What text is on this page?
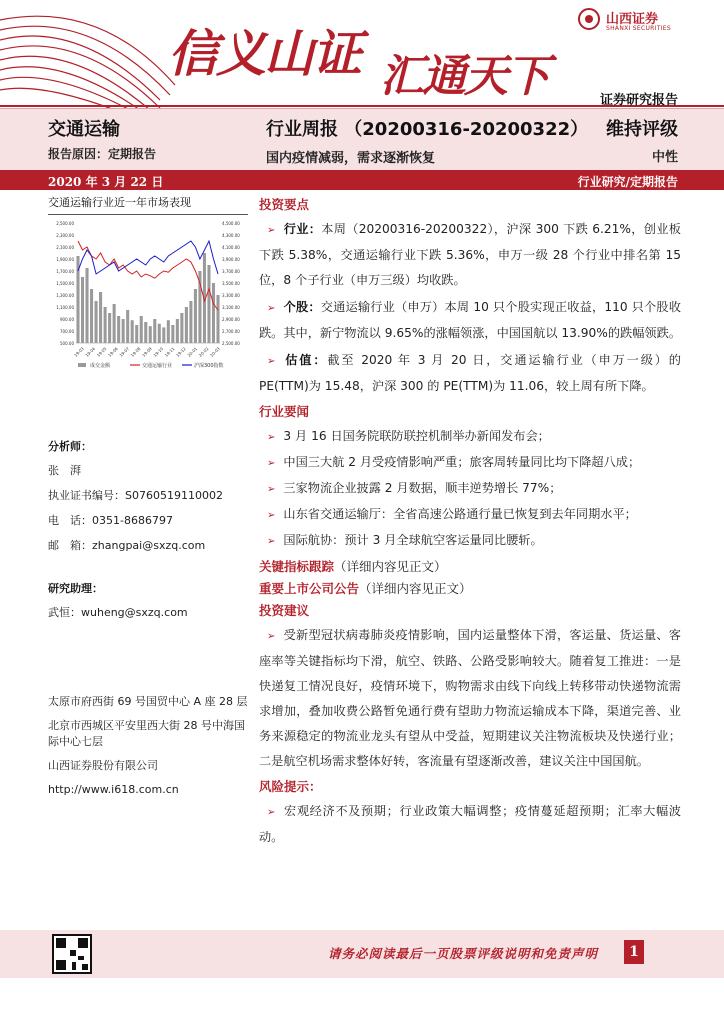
信义山证 汇通天下
山西证券
SHANXI SECURITIES
证券研究报告
交通运输	行业周报 （20200316-20200322） 维持评级
报告原因：定期报告	国内疫情减弱，需求逐渐恢复	中性
2020 年 3 月 22 日	行业研究/定期报告
交通运输行业近一年市场表现
2,500.00
2,300.00
2,100.00
1,900.00
1,700.00
1,500.00
1,300.00
1,100.00
900.00
700.00
500.00
4,500.00
4,300.00
4,100.00
3,900.00
3,700.00
3,500.00
3,300.00
3,100.00
2,900.00
2,700.00
2,500.00
19-03 19-04 19-05 19-06 19-07 19-08 19-09 19-10 19-11 19-12 20-01 20-02 20-03
成交金额	交通运输行业	沪深300指数
分析师：
张　湃
执业证书编号：S0760519110002
电　话：0351-8686797
邮　箱：zhangpai@sxzq.com
研究助理：
武恒：wuheng@sxzq.com
太原市府西街 69 号国贸中心 A 座 28 层
北京市西城区平安里西大街 28 号中海国际中心七层
山西证券股份有限公司
http://www.i618.com.cn
投资要点
➢ 行业：本周（20200316-20200322），沪深 300 下跌 6.21%，创业板下跌 5.38%，交通运输行业下跌 5.36%，申万一级 28 个行业中排名第 15 位，8 个子行业（申万三级）均收跌。
➢ 个股：交通运输行业（申万）本周 10 只个股实现正收益，110 只个股收跌。其中，新宁物流以 9.65%的涨幅领涨，中国国航以 13.90%的跌幅领跌。
➢ 估值：截至 2020 年 3 月 20 日，交通运输行业（申万一级）的 PE(TTM)为 15.48，沪深 300 的 PE(TTM)为 11.06，较上周有所下降。
行业要闻
➢ 3 月 16 日国务院联防联控机制举办新闻发布会；
➢ 中国三大航 2 月受疫情影响严重；旅客周转量同比均下降超八成；
➢ 三家物流企业披露 2 月数据，顺丰逆势增长 77%；
➢ 山东省交通运输厅：全省高速公路通行量已恢复到去年同期水平；
➢ 国际航协：预计 3 月全球航空客运量同比腰斩。
关键指标跟踪（详细内容见正文）
重要上市公司公告（详细内容见正文）
投资建议
➢ 受新型冠状病毒肺炎疫情影响，国内运量整体下滑，客运量、货运量、客座率等关键指标均下滑，航空、铁路、公路受影响较大。随着复工推进：一是快递复工情况良好，疫情环境下，购物需求由线下向线上转移带动快递物流需求增加，叠加收费公路暂免通行费有望助力物流运输成本下降，渠道完善、业务来源稳定的物流业龙头有望从中受益，短期建议关注物流板块及快递行业；二是航空机场需求整体好转，客流量有望逐渐改善，建议关注中国国航。
风险提示：
➢ 宏观经济不及预期；行业政策大幅调整；疫情蔓延超预期；汇率大幅波动。
请务必阅读最后一页股票评级说明和免责声明	1
